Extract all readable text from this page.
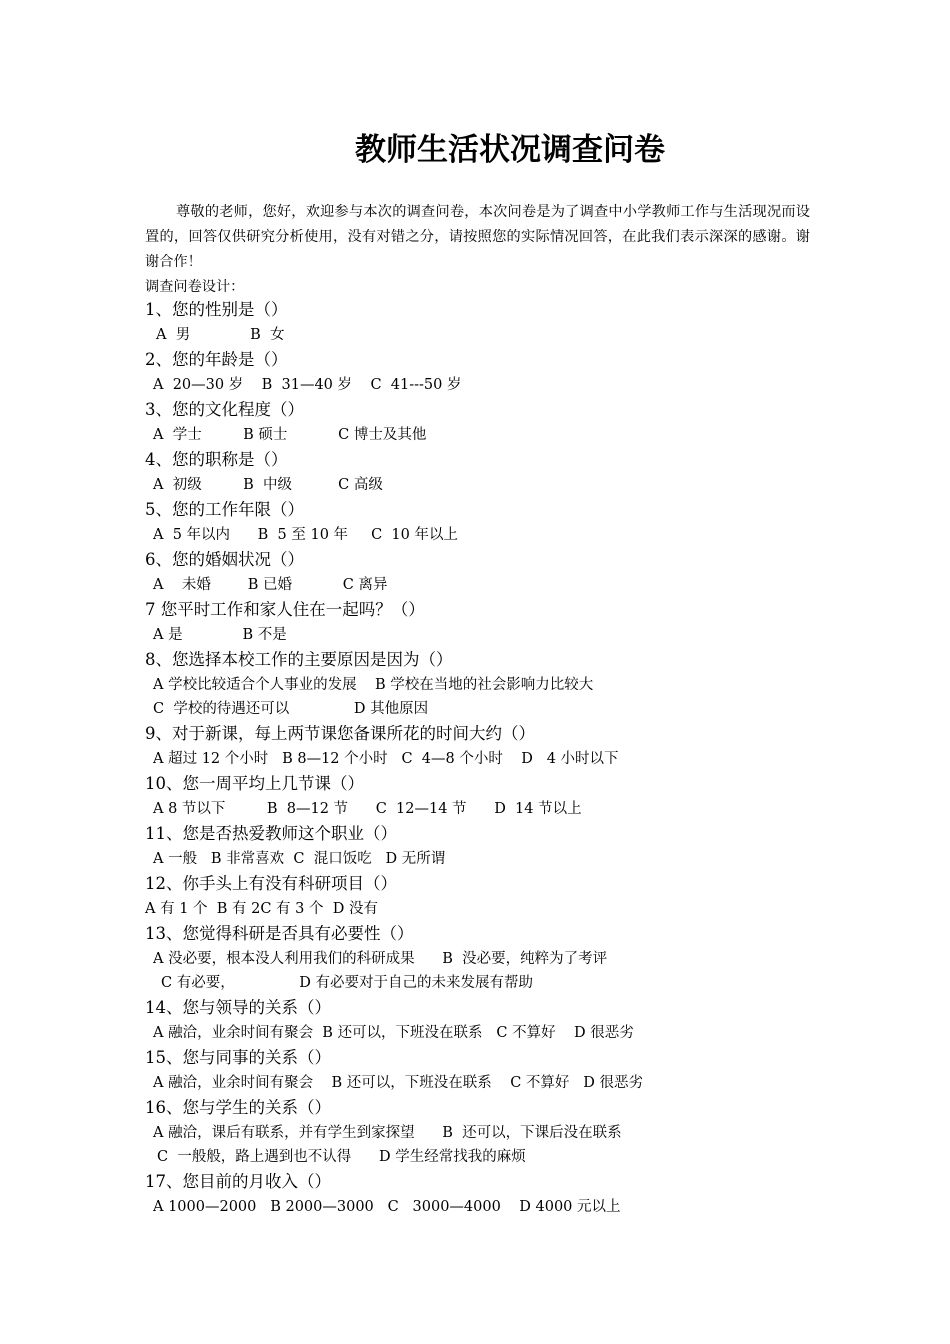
教师生活状况调查问卷
尊敬的老师，您好，欢迎参与本次的调查问卷，本次问卷是为了调查中小学教师工作与生活现况而设置的，回答仅供研究分析使用，没有对错之分，请按照您的实际情况回答，在此我们表示深深的感谢。谢谢合作！
调查问卷设计：
1、您的性别是（）
A  男             B  女
2、您的年龄是（）
A  20—30 岁    B  31—40 岁    C  41---50 岁
3、您的文化程度（）
A  学士         B 硕士           C 博士及其他
4、您的职称是（）
A  初级         B  中级          C 高级
5、您的工作年限（）
A  5 年以内      B  5 至 10 年     C  10 年以上
6、您的婚姻状况（）
A    未婚        B 已婚           C 离异
7 您平时工作和家人住在一起吗？（）
A 是             B 不是
8、您选择本校工作的主要原因是因为（）
A 学校比较适合个人事业的发展    B 学校在当地的社会影响力比较大
C  学校的待遇还可以              D 其他原因
9、对于新课，每上两节课您备课所花的时间大约（）
A 超过 12 个小时   B 8—12 个小时   C  4—8 个小时    D   4 小时以下
10、您一周平均上几节课（）
A 8 节以下         B  8—12 节      C  12—14 节      D  14 节以上
11、您是否热爱教师这个职业（）
A 一般   B 非常喜欢  C  混口饭吃   D 无所谓
12、你手头上有没有科研项目（）
A 有 1 个  B 有 2C 有 3 个  D 没有
13、您觉得科研是否具有必要性（）
A 没必要，根本没人利用我们的科研成果      B  没必要，纯粹为了考评
C 有必要，              D 有必要对于自己的未来发展有帮助
14、您与领导的关系（）
A 融洽，业余时间有聚会  B 还可以，下班没在联系   C 不算好    D 很恶劣
15、您与同事的关系（）
A 融洽，业余时间有聚会    B 还可以，下班没在联系    C 不算好   D 很恶劣
16、您与学生的关系（）
A 融洽，课后有联系，并有学生到家探望      B  还可以，下课后没在联系
C  一般般，路上遇到也不认得      D 学生经常找我的麻烦
17、您目前的月收入（）
A 1000—2000   B 2000—3000   C   3000—4000    D 4000 元以上
